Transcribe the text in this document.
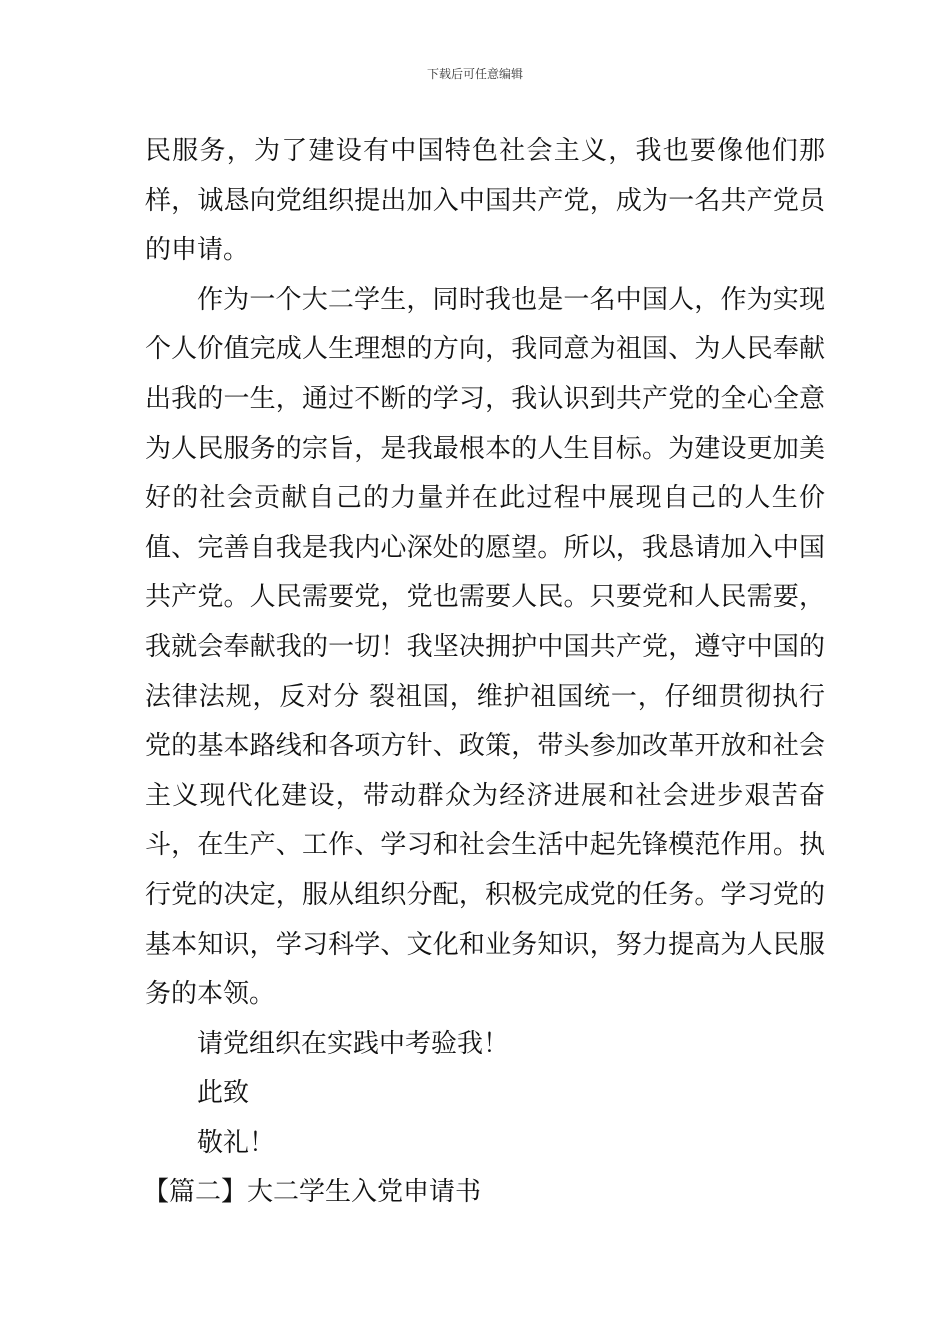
下载后可任意编辑

民服务，为了建设有中国特色社会主义，我也要像他们那样，诚恳向党组织提出加入中国共产党，成为一名共产党员的申请。

作为一个大二学生，同时我也是一名中国人，作为实现个人价值完成人生理想的方向，我同意为祖国、为人民奉献出我的一生，通过不断的学习，我认识到共产党的全心全意为人民服务的宗旨，是我最根本的人生目标。为建设更加美好的社会贡献自己的力量并在此过程中展现自己的人生价值、完善自我是我内心深处的愿望。所以，我恳请加入中国共产党。人民需要党，党也需要人民。只要党和人民需要，我就会奉献我的一切！我坚决拥护中国共产党，遵守中国的法律法规，反对分 裂祖国，维护祖国统一，仔细贯彻执行党的基本路线和各项方针、政策，带头参加改革开放和社会主义现代化建设，带动群众为经济进展和社会进步艰苦奋斗，在生产、工作、学习和社会生活中起先锋模范作用。执行党的决定，服从组织分配，积极完成党的任务。学习党的基本知识，学习科学、文化和业务知识，努力提高为人民服务的本领。

请党组织在实践中考验我！

此致

敬礼！

【篇二】大二学生入党申请书
